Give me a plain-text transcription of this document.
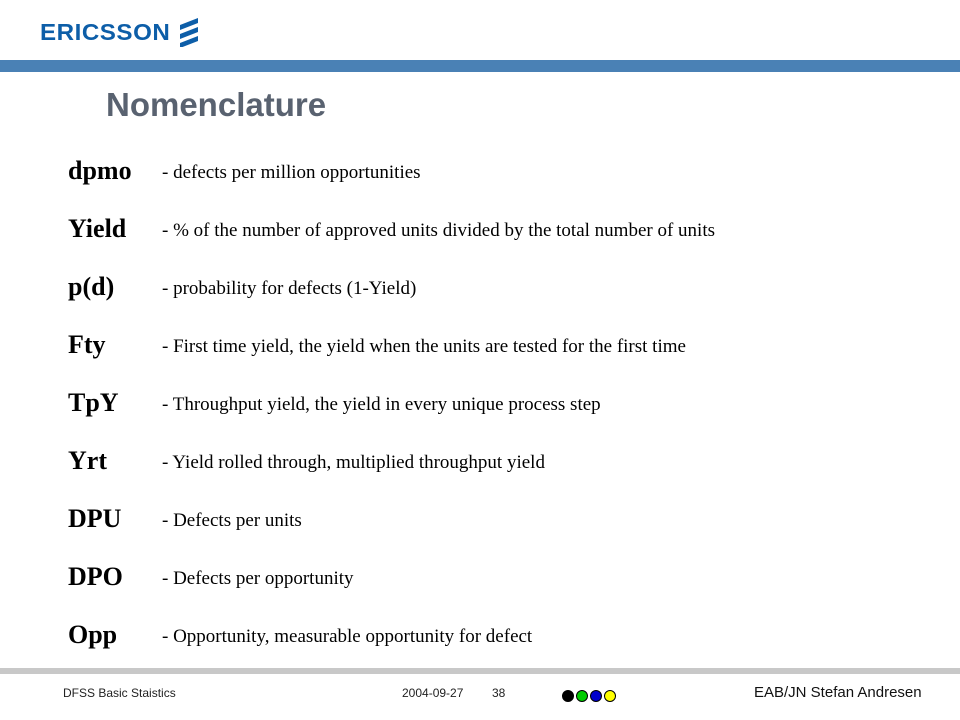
ERICSSON
Nomenclature
dpmo - defects per million opportunities
Yield - % of the number of approved units divided by the total number of units
p(d)	- probability for defects (1-Yield)
Fty	- First time yield, the yield when the units are tested for the first time
TpY - Throughput yield, the yield in every unique process step
Yrt	- Yield rolled through, multiplied throughput yield
DPU - Defects per units
DPO - Defects per opportunity
Opp - Opportunity, measurable opportunity for defect
DFSS Basic Staistics	2004-09-27 38	EAB/JN Stefan Andresen
